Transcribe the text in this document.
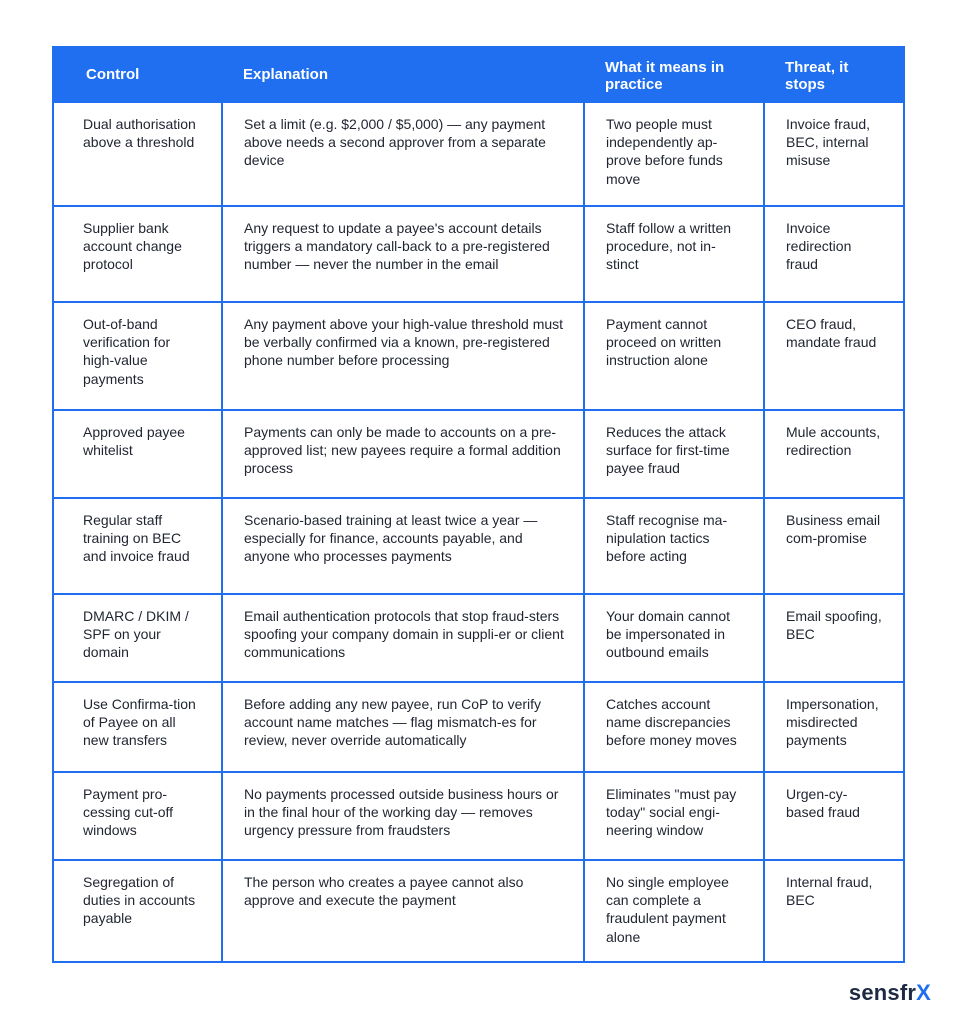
Control	Explanation	What it means in practice	Threat, it stops
Dual authorisation above a threshold	Set a limit (e.g. $2,000 / $5,000) — any payment above needs a second approver from a separate device	Two people must independently ap-prove before funds move	Invoice fraud, BEC, internal misuse
Supplier bank account change protocol	Any request to update a payee's account details triggers a mandatory call-back to a pre-registered number — never the number in the email	Staff follow a written procedure, not in-stinct	Invoice redirection fraud
Out-of-band verification for high-value payments	Any payment above your high-value threshold must be verbally confirmed via a known, pre-registered phone number before processing	Payment cannot proceed on written instruction alone	CEO fraud, mandate fraud
Approved payee whitelist	Payments can only be made to accounts on a pre-approved list; new payees require a formal addition process	Reduces the attack surface for first-time payee fraud	Mule accounts, redirection
Regular staff training on BEC and invoice fraud	Scenario-based training at least twice a year — especially for finance, accounts payable, and anyone who processes payments	Staff recognise ma-nipulation tactics before acting	Business email com-promise
DMARC / DKIM / SPF on your domain	Email authentication protocols that stop fraud-sters spoofing your company domain in suppli-er or client communications	Your domain cannot be impersonated in outbound emails	Email spoofing, BEC
Use Confirma-tion of Payee on all new transfers	Before adding any new payee, run CoP to verify account name matches — flag mismatch-es for review, never override automatically	Catches account name discrepancies before money moves	Impersonation, misdirected payments
Payment pro-cessing cut-off windows	No payments processed outside business hours or in the final hour of the working day — removes urgency pressure from fraudsters	Eliminates "must pay today" social engi-neering window	Urgen-cy-based fraud
Segregation of duties in accounts payable	The person who creates a payee cannot also approve and execute the payment	No single employee can complete a fraudulent payment alone	Internal fraud, BEC
sensfrX
